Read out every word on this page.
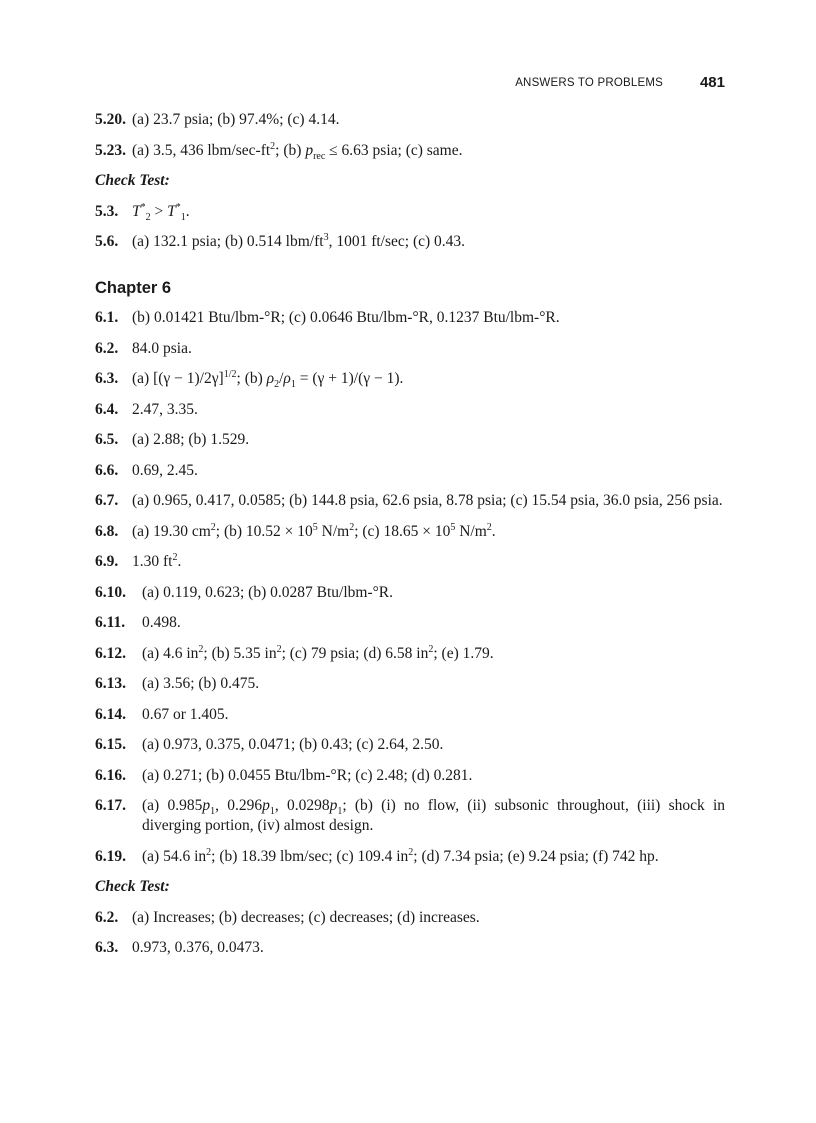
ANSWERS TO PROBLEMS 481
5.20. (a) 23.7 psia; (b) 97.4%; (c) 4.14.
5.23. (a) 3.5, 436 lbm/$\sec-ft^2$; (b) $p_{rec} \le 6.63$ psia; (c) same.
Check Test:
5.3. $T^*_2 > T^*_1$.
5.6. (a) 132.1 psia; (b) 0.514 lbm/$ft^3$, 1001 ft/sec; (c) 0.43.
Chapter 6
6.1. (b) 0.01421 Btu/lbm-°R; (c) 0.0646 Btu/lbm-°R, 0.1237 Btu/lbm-°R.
6.2. 84.0 psia.
6.3. (a) $[(\gamma - 1)/2\gamma]^{1/2}$; (b) $\rho_2/\rho_1 = (\gamma + 1)/(\gamma - 1)$.
6.4. 2.47, 3.35.
6.5. (a) 2.88; (b) 1.529.
6.6. 0.69, 2.45.
6.7. (a) 0.965, 0.417, 0.0585; (b) 144.8 psia, 62.6 psia, 8.78 psia; (c) 15.54 psia, 36.0 psia, 256 psia.
6.8. (a) 19.30 $cm^2$; (b) $10.52 \times 10^5$ $N/m^2$; (c) $18.65 \times 10^5$ $N/m^2$.
6.9. 1.30 $ft^2$.
6.10. (a) 0.119, 0.623; (b) 0.0287 Btu/lbm-°R.
6.11. 0.498.
6.12. (a) 4.6 $in^2$; (b) 5.35 $in^2$; (c) 79 psia; (d) 6.58 $in^2$; (e) 1.79.
6.13. (a) 3.56; (b) 0.475.
6.14. 0.67 or 1.405.
6.15. (a) 0.973, 0.375, 0.0471; (b) 0.43; (c) 2.64, 2.50.
6.16. (a) 0.271; (b) 0.0455 Btu/lbm-°R; (c) 2.48; (d) 0.281.
6.17. (a) $0.985p_1$, $0.296p_1$, $0.0298p_1$; (b) (i) no flow, (ii) subsonic throughout, (iii) shock in diverging portion, (iv) almost design.
6.19. (a) 54.6 $in^2$; (b) 18.39 lbm/sec; (c) 109.4 $in^2$; (d) 7.34 psia; (e) 9.24 psia; (f) 742 hp.
Check Test:
6.2. (a) Increases; (b) decreases; (c) decreases; (d) increases.
6.3. 0.973, 0.376, 0.0473.
